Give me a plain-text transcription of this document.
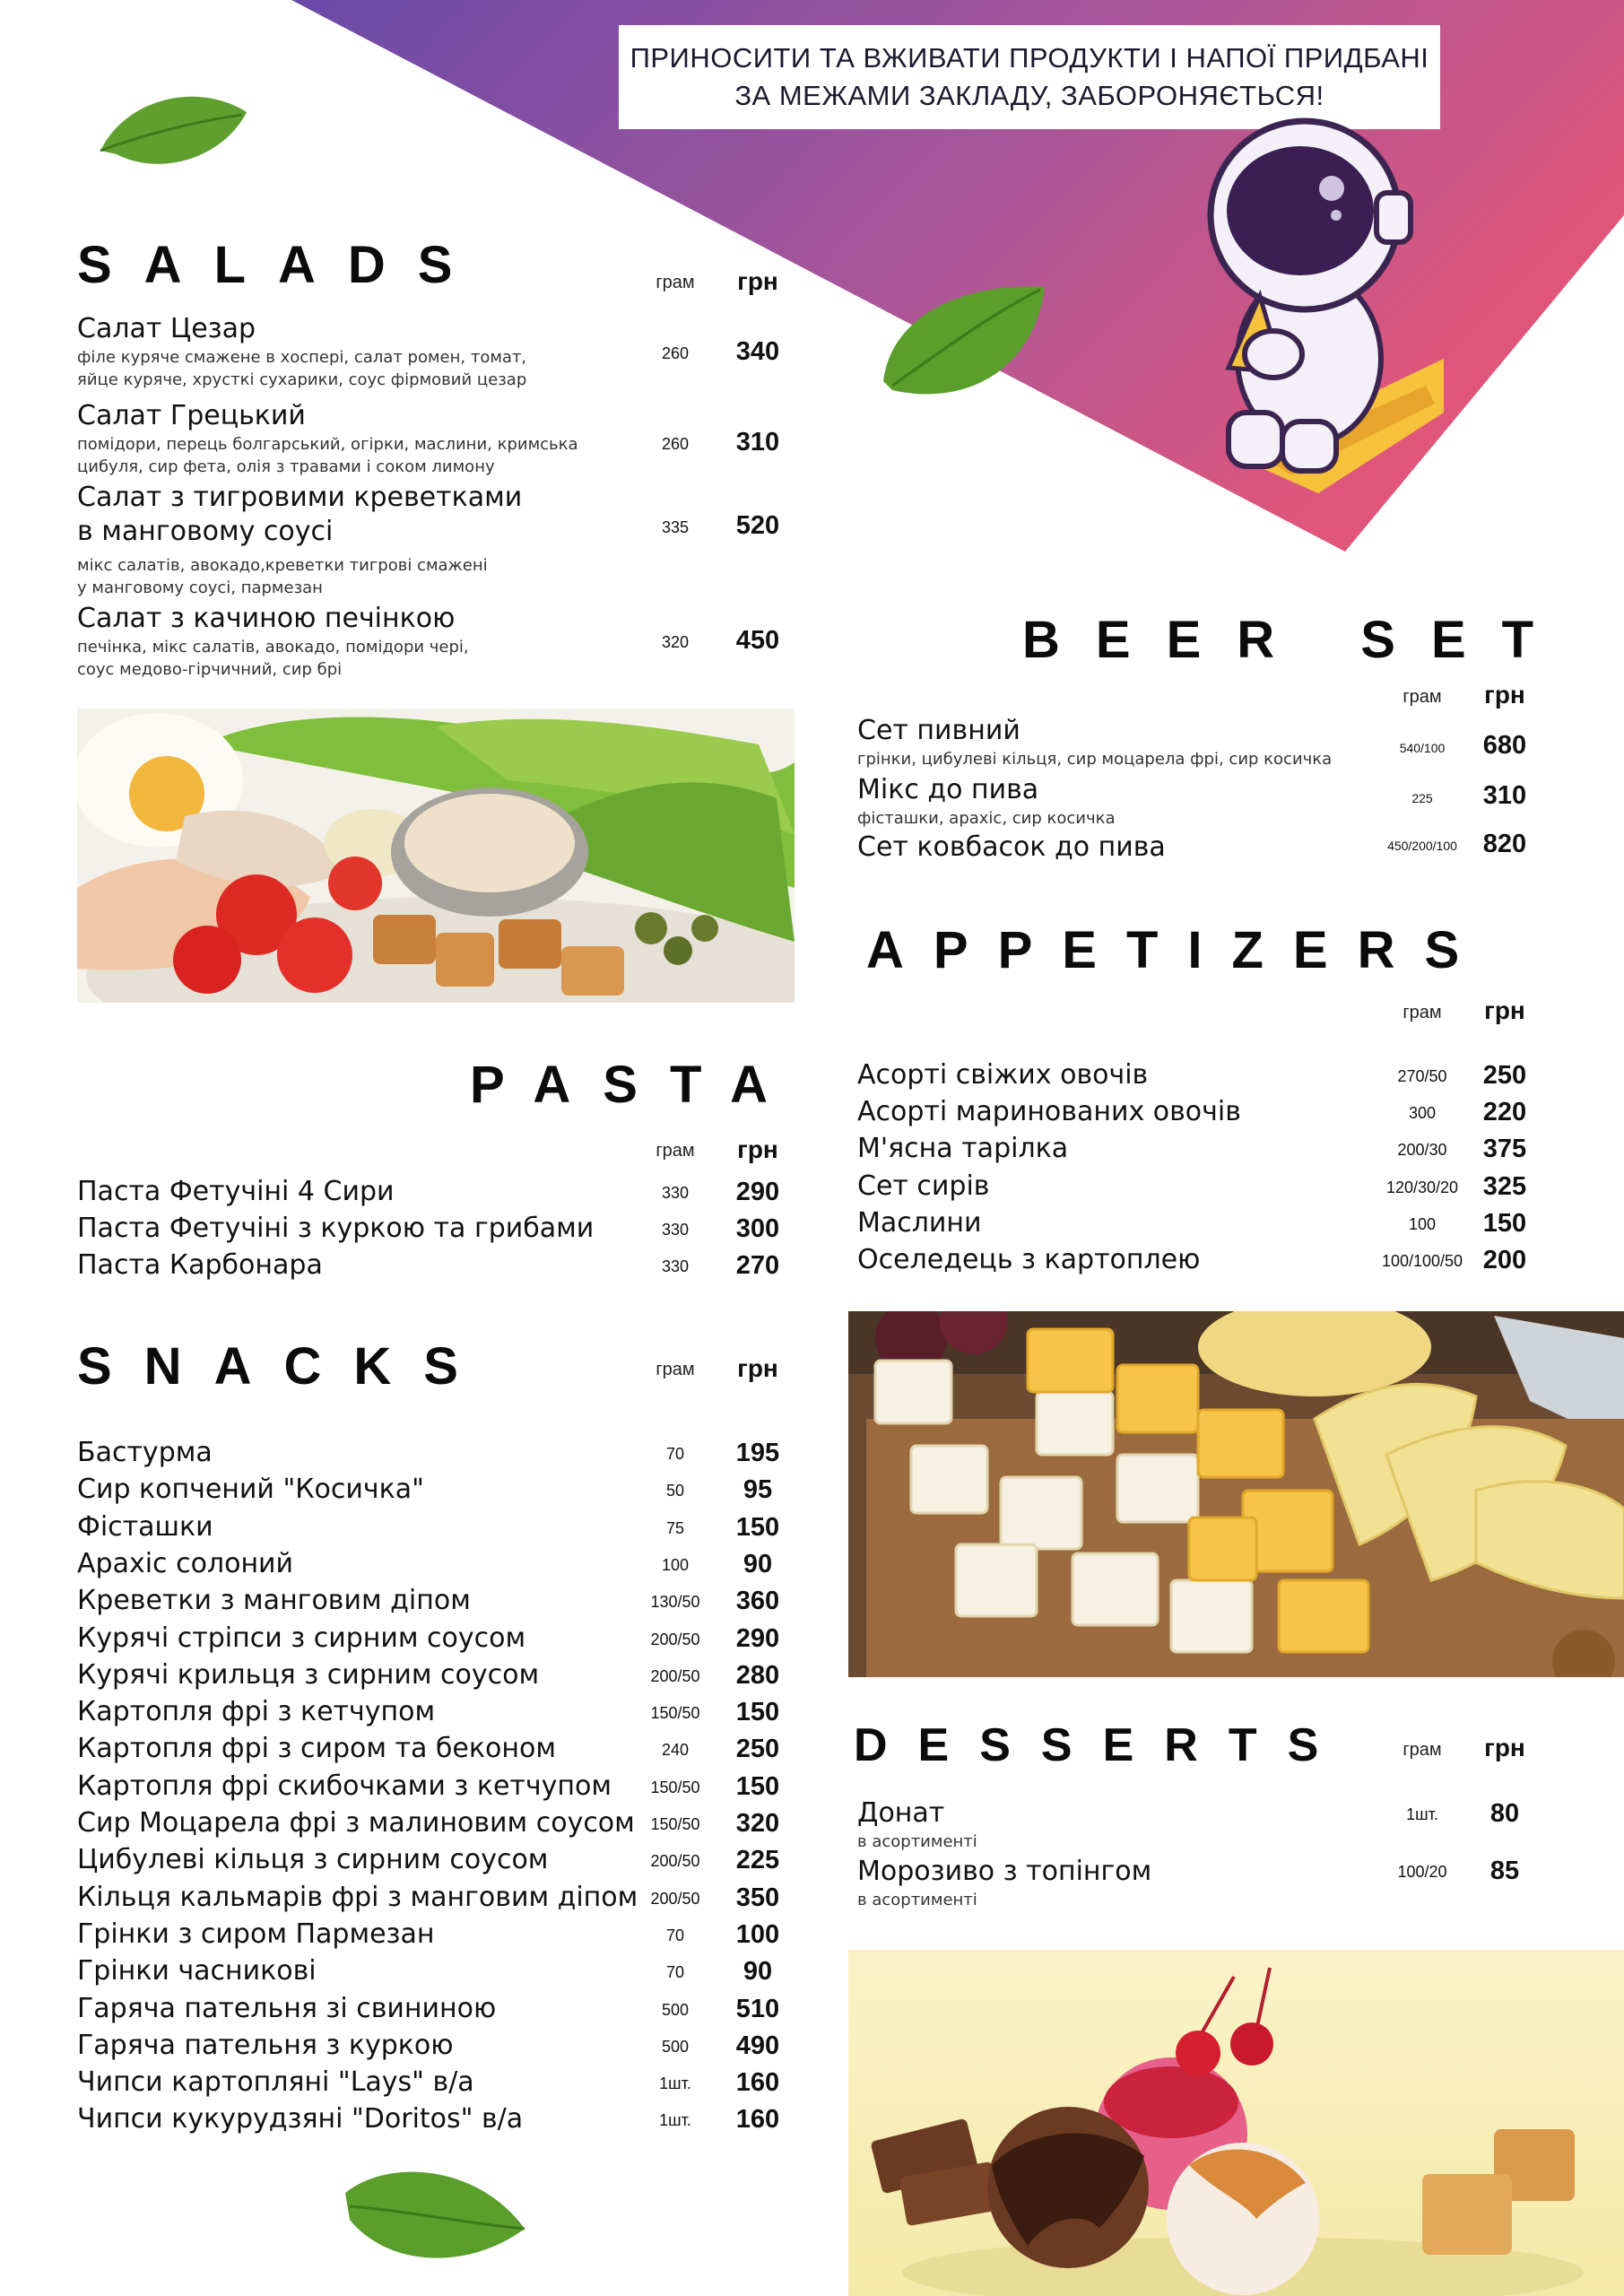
ПРИНОСИТИ ТА ВЖИВАТИ ПРОДУКТИ І НАПОЇ ПРИДБАНІ
ЗА МЕЖАМИ ЗАКЛАДУ, ЗАБОРОНЯЄТЬСЯ!
SALADS	грам	грн
Салат Цезар
філе куряче смажене в хоспері, салат ромен, томат,
яйце куряче, хрусткі сухарики, соус фірмовий цезар
260	340
Салат Грецький
помідори, перець болгарський, огірки, маслини, кримська
цибуля, сир фета, олія з травами і соком лимону
260	310
Салат з тигровими креветками
в манговому соусі
мікс салатів, авокадо,креветки тигрові смажені
у манговому соусі, пармезан
335	520
Салат з качиною печінкою
печінка, мікс салатів, авокадо, помідори чері,
соус медово-гірчичний, сир брі
320	450
PASTA
грам	грн
Паста Фетучіні 4 Сири	330	290
Паста Фетучіні з куркою та грибами	330	300
Паста Карбонара	330	270
SNACKS	грам	грн
Бастурма	70	195
Сир копчений "Косичка"	50	95
Фісташки	75	150
Арахіс солоний	100	90
Креветки з манговим діпом	130/50	360
Курячі стріпси з сирним соусом	200/50	290
Курячі крильця з сирним соусом	200/50	280
Картопля фрі з кетчупом	150/50	150
Картопля фрі з сиром та беконом	240	250
Картопля фрі скибочками з кетчупом	150/50	150
Сир Моцарела фрі з малиновим соусом 150/50	320
Цибулеві кільця з сирним соусом	200/50	225
Кільця кальмарів фрі з манговим діпом 200/50	350
Грінки з сиром Пармезан	70	100
Грінки часникові	70	90
Гаряча пательня зі свининою	500	510
Гаряча пательня з куркою	500	490
Чипси картопляні "Lays" в/а	1шт.	160
Чипси кукурудзяні "Doritos" в/а	1шт.	160
BEER SET
грам	грн
Сет пивний
грінки, цибулеві кільця, сир моцарела фрі, сир косичка
540/100	680
Мікс до пива
фісташки, арахіс, сир косичка
225	310
Сет ковбасок до пива	450/200/100 820
APPETIZERS
грам	грн
Асорті свіжих овочів	270/50	250
Асорті маринованих овочів	300	220
М'ясна тарілка	200/30	375
Сет сирів	120/30/20 325
Маслини	100	150
Оселедець з картоплею	100/100/50 200
DESSERTS	грам	грн
Донат
в асортименті
1шт.	80
Морозиво з топінгом
в асортименті
100/20	85
